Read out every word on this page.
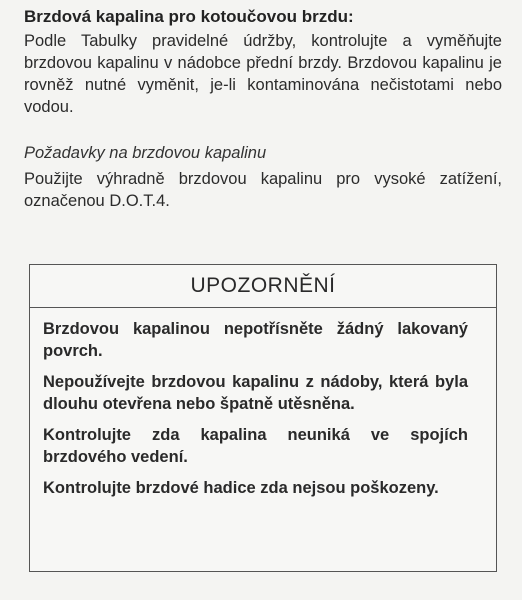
Brzdová kapalina pro kotoučovou brzdu:

Podle Tabulky pravidelné údržby, kontrolujte a vyměňujte brzdovou kapalinu v nádobce přední brzdy. Brzdovou kapalinu je rovněž nutné vyměnit, je-li kontaminována nečistotami nebo vodou.

Požadavky na brzdovou kapalinu

Použijte výhradně brzdovou kapalinu pro vysoké zatížení, označenou D.O.T.4.

UPOZORNĚNÍ

Brzdovou kapalinou nepotřísněte žádný lakovaný povrch.

Nepoužívejte brzdovou kapalinu z nádoby, která byla dlouhu otevřena nebo špatně utěsněna.

Kontrolujte zda kapalina neuniká ve spojích brzdového vedení.

Kontrolujte brzdové hadice zda nejsou poškozeny.
